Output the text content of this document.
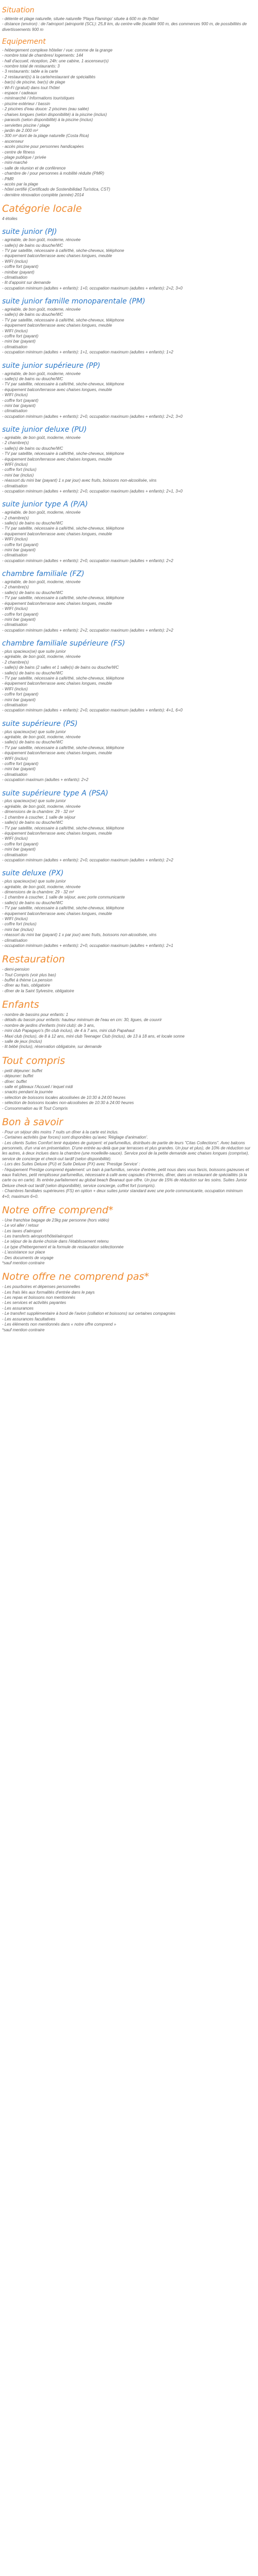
Situation

- détente et plage naturelle, située naturelle 'Playa Flamingo' située à 600 m de l'hôtel

- distance (environ) : de l'aéroport (aéroporté (SCL): 25,8 km, du centre-ville (localité 900 m, des commerces 900 m, de possibilités de divertissements 900 m

Equipement

- hébergement complexe hôtelier / vue: comme de la grange

- nombre total de chambres/ logements: 144

- hall d'accueil, réception, 24h: une cabine, 1 ascenseur(s)

- nombre total de restaurants: 3

- 3 restaurants: table a la carte

- 2 restaurant(s) à la carte/restaurant de spécialités

- bar(s) de piscine, bar(s) de plage

- Wi-Fi (gratuit) dans tout l'hôtel

- espace / cadeaux

- minimarché / Informations touristiques

- piscine extérieur / bassin

- 2 piscines d'eau douce: 2 piscines (eau salée)

- chaises longues (selon disponibilité) à la piscine (inclus)

- parasols (selon disponibilité) à la piscine (inclus)

- serviettes piscine / plage

- jardin de 2.000 m²

- 300 m² dont de la plage naturelle (Costa Rica)

- ascenseur

- accès piscine pour personnes handicapées

- centre de fitness

- plage publique / privée

- mini-marché

- salle de réunion et de conférence

- chambre de / pour personnes à mobilité réduite (PMR)

- PMR

- accès par la plage

- hôtel certifié (Certificado de Sostenibilidad Turística, CST)

- dernière rénovation complète (année) 2014

Catégorie locale

4 étoiles

suite junior (PJ)

- agréable, de bon goût, moderne, rénovée

- salle(s) de bains ou douche/WC

- TV par satellite, nécessaire à café/thé, sèche-cheveux, téléphone

- équipement balcon/terrasse avec chaises longues, meuble

- WIFI (inclus)

- coffre fort (payant)

- minibar (payant)

- climatisation

- lit d'appoint sur demande

- occupation minimum (adultes + enfants): 1+0, occupation maximum (adultes + enfants): 2+2, 3+0

suite junior famille monoparentale (PM)

- agréable, de bon goût, moderne, rénovée

- salle(s) de bains ou douche/WC

- TV par satellite, nécessaire à café/thé, sèche-cheveux, téléphone

- équipement balcon/terrasse avec chaises longues, meuble

- WIFI (inclus)

- coffre fort (payant)

- mini bar (payant)

- climatisation

- occupation minimum (adultes + enfants): 1+1, occupation maximum (adultes + enfants): 1+2

suite junior supérieure (PP)

- agréable, de bon goût, moderne, rénovée

- salle(s) de bains ou douche/WC

- TV par satellite, nécessaire à café/thé, sèche-cheveux, téléphone

- équipement balcon/terrasse avec chaises longues, meuble

- WIFI (inclus)

- coffre fort (payant)

- mini bar (payant)

- climatisation

- occupation minimum (adultes + enfants): 2+0, occupation maximum (adultes + enfants): 2+2, 3+0

suite junior deluxe (PU)

- agréable, de bon goût, moderne, rénovée

- 2 chambre(s)

- salle(s) de bains ou douche/WC

- TV par satellite, nécessaire à café/thé, sèche-cheveux, téléphone

- équipement balcon/terrasse avec chaises longues, meuble

- WIFI (inclus)

- coffre fort (inclus)

- mini bar (inclus)

- réassort du mini bar (payant) 1 x par jour) avec fruits, boissons non-alcoolisée, vins

- climatisation

- occupation minimum (adultes + enfants): 2+0, occupation maximum (adultes + enfants): 2+1, 3+0

suite junior type A (P/A)

- agréable, de bon goût, moderne, rénovée

- 2 chambre(s)

- salle(s) de bains ou douche/WC

- TV par satellite, nécessaire à café/thé, sèche-cheveux, téléphone

- équipement balcon/terrasse avec chaises longues, meuble

- WIFI (inclus)

- coffre fort (payant)

- mini bar (payant)

- climatisation

- occupation minimum (adultes + enfants): 2+0, occupation maximum (adultes + enfants): 2+2

chambre familiale (FZ)

- agréable, de bon goût, moderne, rénovée

- 2 chambre(s)

- salle(s) de bains ou douche/WC

- TV par satellite, nécessaire à café/thé, sèche-cheveux, téléphone

- équipement balcon/terrasse avec chaises longues, meuble

- WIFI (inclus)

- coffre fort (payant)

- mini bar (payant)

- climatisation

- occupation minimum (adultes + enfants): 2+2, occupation maximum (adultes + enfants): 2+2

chambre familiale supérieure (FS)

- plus spacieux(se) que suite junior

- agréable, de bon goût, moderne, rénovée

- 2 chambre(s)

- salle(s) de bains (2 salles et 1 salle(s) de bains ou douche/WC

- salle(s) de bains ou douche/WC

- TV par satellite, nécessaire à café/thé, sèche-cheveux, téléphone

- équipement balcon/terrasse avec chaises longues, meuble

- WIFI (inclus)

- coffre fort (payant)

- mini bar (payant)

- climatisation

- occupation minimum (adultes + enfants): 2+0, occupation maximum (adultes + enfants): 4+1, 6+0

suite supérieure (PS)

- plus spacieux(se) que suite junior

- agréable, de bon goût, moderne, rénovée

- salle(s) de bains ou douche/WC

- TV par satellite, nécessaire à café/thé, sèche-cheveux, téléphone

- équipement balcon/terrasse avec chaises longues, meuble

- WIFI (inclus)

- coffre fort (payant)

- mini bar (payant)

- climatisation

- occupation maximum (adultes + enfants): 2+2

suite supérieure type A (PSA)

- plus spacieux(se) que suite junior

- agréable, de bon goût, moderne, rénovée

- dimensions de la chambre: 29 - 32 m²

- 1 chambre à coucher, 1 salle de séjour

- salle(s) de bains ou douche/WC

- TV par satellite, nécessaire à café/thé, sèche-cheveux, téléphone

- équipement balcon/terrasse avec chaises longues, meuble

- WIFI (inclus)

- coffre fort (payant)

- mini bar (payant)

- climatisation

- occupation minimum (adultes + enfants): 2+0, occupation maximum (adultes + enfants): 2+2

suite deluxe (PX)

- plus spacieux(se) que suite junior

- agréable, de bon goût, moderne, rénovée

- dimensions de la chambre: 29 - 32 m²

- 1 chambre à coucher, 1 salle de séjour, avec porte communicante

- salle(s) de bains ou douche/WC

- TV par satellite, nécessaire à café/thé, sèche-cheveux, téléphone

- équipement balcon/terrasse avec chaises longues, meuble

- WIFI (inclus)

- coffre fort (inclus)

- mini bar (inclus)

- réassort du mini bar (payant) 1 x par jour) avec fruits, boissons non-alcoolisée, vins

- climatisation

- occupation minimum (adultes + enfants): 2+0, occupation maximum (adultes + enfants): 2+1

Restauration

- demi-pension

- Tout Compris (voir plus bas)

- buffet à thème La pension

- dîner au frais, obligatoire

- dîner de la Saint Sylvestre, obligatoire

Enfants

- nombre de bassins pour enfants: 1

- détails du bassin pour enfants: hauteur minimum de l'eau en cm: 30, ligues, de couvrir

- nombre de jardins d'enfants (mini club): de 3 ans,

- mini club Papagayo's (fin club inclus), de 4 à 7 ans, mini club Papahaut

- Maxi club (inclus), de 8 à 12 ans, mini club Teenager Club (inclus), de 13 à 18 ans, et locale sonne

- salle de jeux (inclus)

- lit bébé (inclus), réservation obligatoire, sur demande

Tout compris

- petit déjeuner: buffet

- déjeuner: buffet

- dîner: buffet

- salle et gâteaux l'Accueil / lequel midi

- snacks pendant la journée

- sélection de boissons locales alcoolisées de 10:30 à 24:00 heures

- sélection de boissons locales non-alcoolisées de 10:30 à 24:00 heures

- Consommation au lit Tout Compris

Bon à savoir

- Pour un séjour dès moins 7 nuits un dîner à la carte est inclus.

- Certaines activités (par forces) sont disponibles qu'avec 'Réglage d'animation'.

- Les clients Suites Comfort tenir équipées de guirpent: et parfumeillus, distribués de partie de leurs "Citas Collections". Avec balcons personnels, d'un vrai en présentation. D'une entrée au-delà que par terrasses et plus grandes. Un jour et plus), de 10% de réduction sur les autres, à deux inclues dans la chambre (une moelleille-sauce). Service pool de la petite demande avec chaises longues (comprise), service de concierge et check-out tardif (selon disponibilité).

- Lors des Suites Deluxe (PU) et Suite Deluxe (PX) avec 'Prestige Service' :

- l'équipement Prestige comprend également: un bain à parfumillus, service d'entrée, petit nous dans vous farcis, boissons gazeuses et eaux fraîches, petit remplisseur parfumeillus, nécessaire à café avec capsules d'Hermès, dîner, dans un restaurant de spécialités (à la carte ou en carte). Ils entrée parfaitement au global beach Beanaut que offre. Un jour de 15% de réduction sur les soins. Suites Junior Deluxe check-out tardif (selon disponibilité), service concierge, coffret fort (compris).

- Chambres familiales supérieures (FS) en option + deux suites junior standard avec une porte communicante, occupation minimum 4+0, maximum 6+0.

Notre offre comprend*

- Une franchise bagage de 23kg par personne (hors vidéo)

- Le vol aller / retour

- Les taxes d'aéroport

- Les transferts aéroport/hôtel/aéroport

- Le séjour de la durée choisie dans l'établissement retenu

- Le type d'hébergement et la formule de restauration sélectionnée

- L'assistance sur place

- Des documents de voyage

*sauf mention contraire

Notre offre ne comprend pas*

- Les pourboires et dépenses personnelles

- Les frais liés aux formalités d'entrée dans le pays

- Les repas et boissons non mentionnés

- Les services et activités payantes

- Les assurances

- Le transfert supplémentaire à bord de l'avion (collation et boissons) sur certaines compagnies

- Les assurances facultatives

- Les éléments non mentionnés dans « notre offre comprend »

*sauf mention contraire
